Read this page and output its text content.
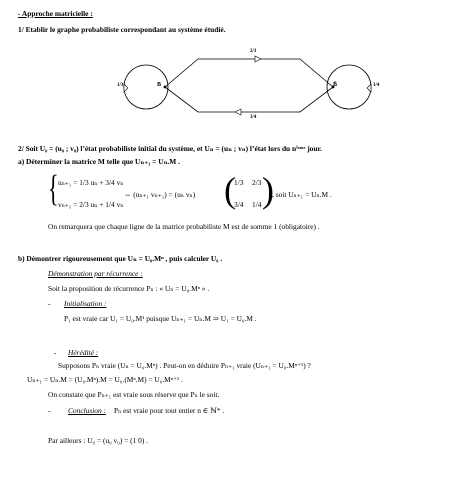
- Approche matricielle :
1/ Etablir le graphe probabiliste correspondant au système étudié.
2/3
3/4
1/3	1/4
B	B̄
2/ Soit U₀ = (u₀ ; v₀) l’état probabiliste initial du système, et Uₙ = (uₙ ; vₙ) l’état lors du nⁱᵉᵐᵉ jour.
a) Déterminer la matrice M telle que Uₙ₊₁ = Uₙ.M .
{ uₙ₊₁ = 1/3 uₙ + 3/4 vₙ
vₙ₊₁ = 2/3 uₙ + 1/4 vₙ
⇔ (uₙ₊₁ vₙ₊₁) = (uₙ vₙ) (
1/3 2/3
3/4 1/4 )
, soit Uₙ₊₁ = Uₙ.M .
On remarquera que chaque ligne de la matrice probabiliste M est de somme 1 (obligatoire) .
b) Démontrer rigoureusement que Uₙ = U₀.Mⁿ , puis calculer U₀ .
Démonstration par récurrence :
Soit la proposition de récurrence Pₙ : « Uₙ = U₀.Mⁿ » .
- Initialisation :
P₁ est vraie car U₁ = U₀.M¹ puisque Uₙ₊₁ = Uₙ.M ⇒ U₁ = U₀.M .
- Hérédité :
Supposons Pₙ vraie (Uₙ = U₀.Mⁿ) . Peut-on en déduire Pₙ₊₁ vraie (Uₙ₊₁ = U₀.Mⁿ⁺¹) ?
Uₙ₊₁ = Uₙ.M = (U₀.Mⁿ).M = U₀.(Mⁿ.M) = U₀.Mⁿ⁺¹ .
On constate que Pₙ₊₁ est vraie sous réserve que Pₙ le soit.
- Conclusion : Pₙ est vraie pour tout entier n ∈ ℕ* .
Par ailleurs : U₀ = (u₀ v₀) = (1 0) .
